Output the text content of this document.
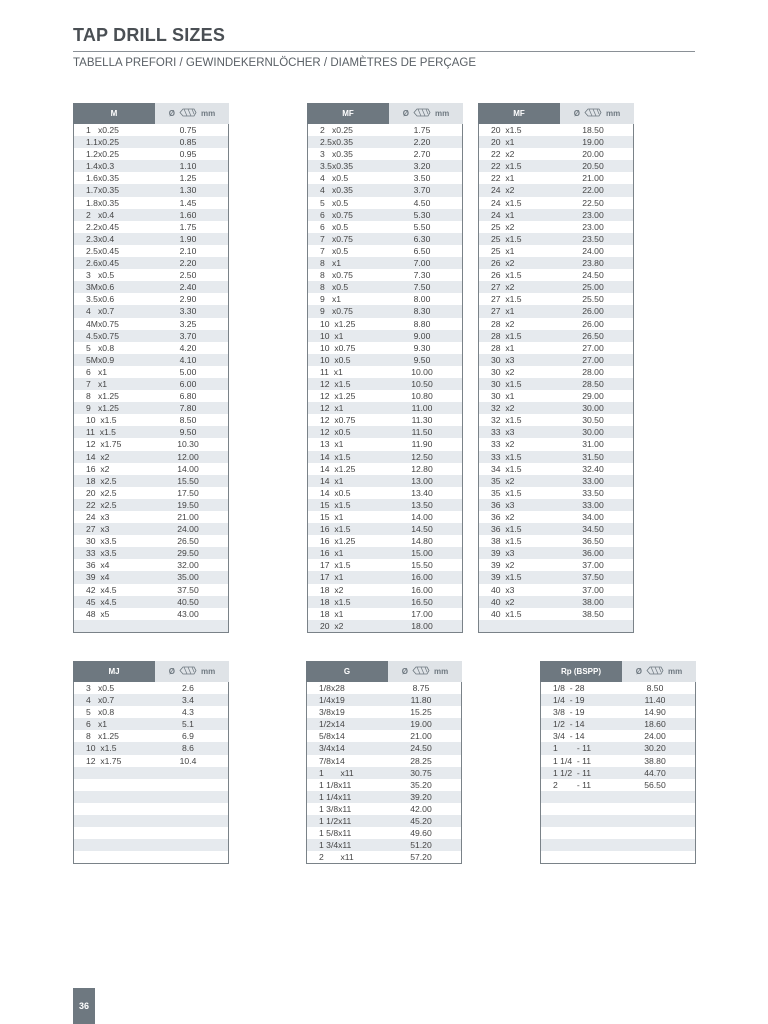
TAP DRILL SIZES
TABELLA PREFORI / GEWINDEKERNLÖCHER / DIAMÈTRES DE PERÇAGE
M	Ø	mm
1   x0.25	0.75
1.1x0.25	0.85
1.2x0.25	0.95
1.4x0.3	1.10
1.6x0.35	1.25
1.7x0.35	1.30
1.8x0.35	1.45
2   x0.4	1.60
2.2x0.45	1.75
2.3x0.4	1.90
2.5x0.45	2.10
2.6x0.45	2.20
3   x0.5	2.50
3Mx0.6	2.40
3.5x0.6	2.90
4   x0.7	3.30
4Mx0.75	3.25
4.5x0.75	3.70
5   x0.8	4.20
5Mx0.9	4.10
6   x1	5.00
7   x1	6.00
8   x1.25	6.80
9   x1.25	7.80
10  x1.5	8.50
11  x1.5	9.50
12  x1.75	10.30
14  x2	12.00
16  x2	14.00
18  x2.5	15.50
20  x2.5	17.50
22  x2.5	19.50
24  x3	21.00
27  x3	24.00
30  x3.5	26.50
33  x3.5	29.50
36  x4	32.00
39  x4	35.00
42  x4.5	37.50
45  x4.5	40.50
48  x5	43.00
MF	Ø	mm
2   x0.25	1.75
2.5x0.35	2.20
3   x0.35	2.70
3.5x0.35	3.20
4   x0.5	3.50
4   x0.35	3.70
5   x0.5	4.50
6   x0.75	5.30
6   x0.5	5.50
7   x0.75	6.30
7   x0.5	6.50
8   x1	7.00
8   x0.75	7.30
8   x0.5	7.50
9   x1	8.00
9   x0.75	8.30
10  x1.25	8.80
10  x1	9.00
10  x0.75	9.30
10  x0.5	9.50
11  x1	10.00
12  x1.5	10.50
12  x1.25	10.80
12  x1	11.00
12  x0.75	11.30
12  x0.5	11.50
13  x1	11.90
14  x1.5	12.50
14  x1.25	12.80
14  x1	13.00
14  x0.5	13.40
15  x1.5	13.50
15  x1	14.00
16  x1.5	14.50
16  x1.25	14.80
16  x1	15.00
17  x1.5	15.50
17  x1	16.00
18  x2	16.00
18  x1.5	16.50
18  x1	17.00
20  x2	18.00
MF	Ø	mm
20  x1.5	18.50
20  x1	19.00
22  x2	20.00
22  x1.5	20.50
22  x1	21.00
24  x2	22.00
24  x1.5	22.50
24  x1	23.00
25  x2	23.00
25  x1.5	23.50
25  x1	24.00
26  x2	23.80
26  x1.5	24.50
27  x2	25.00
27  x1.5	25.50
27  x1	26.00
28  x2	26.00
28  x1.5	26.50
28  x1	27.00
30  x3	27.00
30  x2	28.00
30  x1.5	28.50
30  x1	29.00
32  x2	30.00
32  x1.5	30.50
33  x3	30.00
33  x2	31.00
33  x1.5	31.50
34  x1.5	32.40
35  x2	33.00
35  x1.5	33.50
36  x3	33.00
36  x2	34.00
36  x1.5	34.50
38  x1.5	36.50
39  x3	36.00
39  x2	37.00
39  x1.5	37.50
40  x3	37.00
40  x2	38.00
40  x1.5	38.50
MJ	Ø	mm
3   x0.5	2.6
4   x0.7	3.4
5   x0.8	4.3
6   x1	5.1
8   x1.25	6.9
10  x1.5	8.6
12  x1.75	10.4
G	Ø	mm
1/8x28	8.75
1/4x19	11.80
3/8x19	15.25
1/2x14	19.00
5/8x14	21.00
3/4x14	24.50
7/8x14	28.25
1       x11	30.75
1 1/8x11	35.20
1 1/4x11	39.20
1 3/8x11	42.00
1 1/2x11	45.20
1 5/8x11	49.60
1 3/4x11	51.20
2       x11	57.20
Rp (BSPP)	Ø	mm
1/8  - 28	8.50
1/4  - 19	11.40
3/8  - 19	14.90
1/2  - 14	18.60
3/4  - 14	24.00
1        - 11	30.20
1 1/4  - 11	38.80
1 1/2  - 11	44.70
2        - 11	56.50
36
